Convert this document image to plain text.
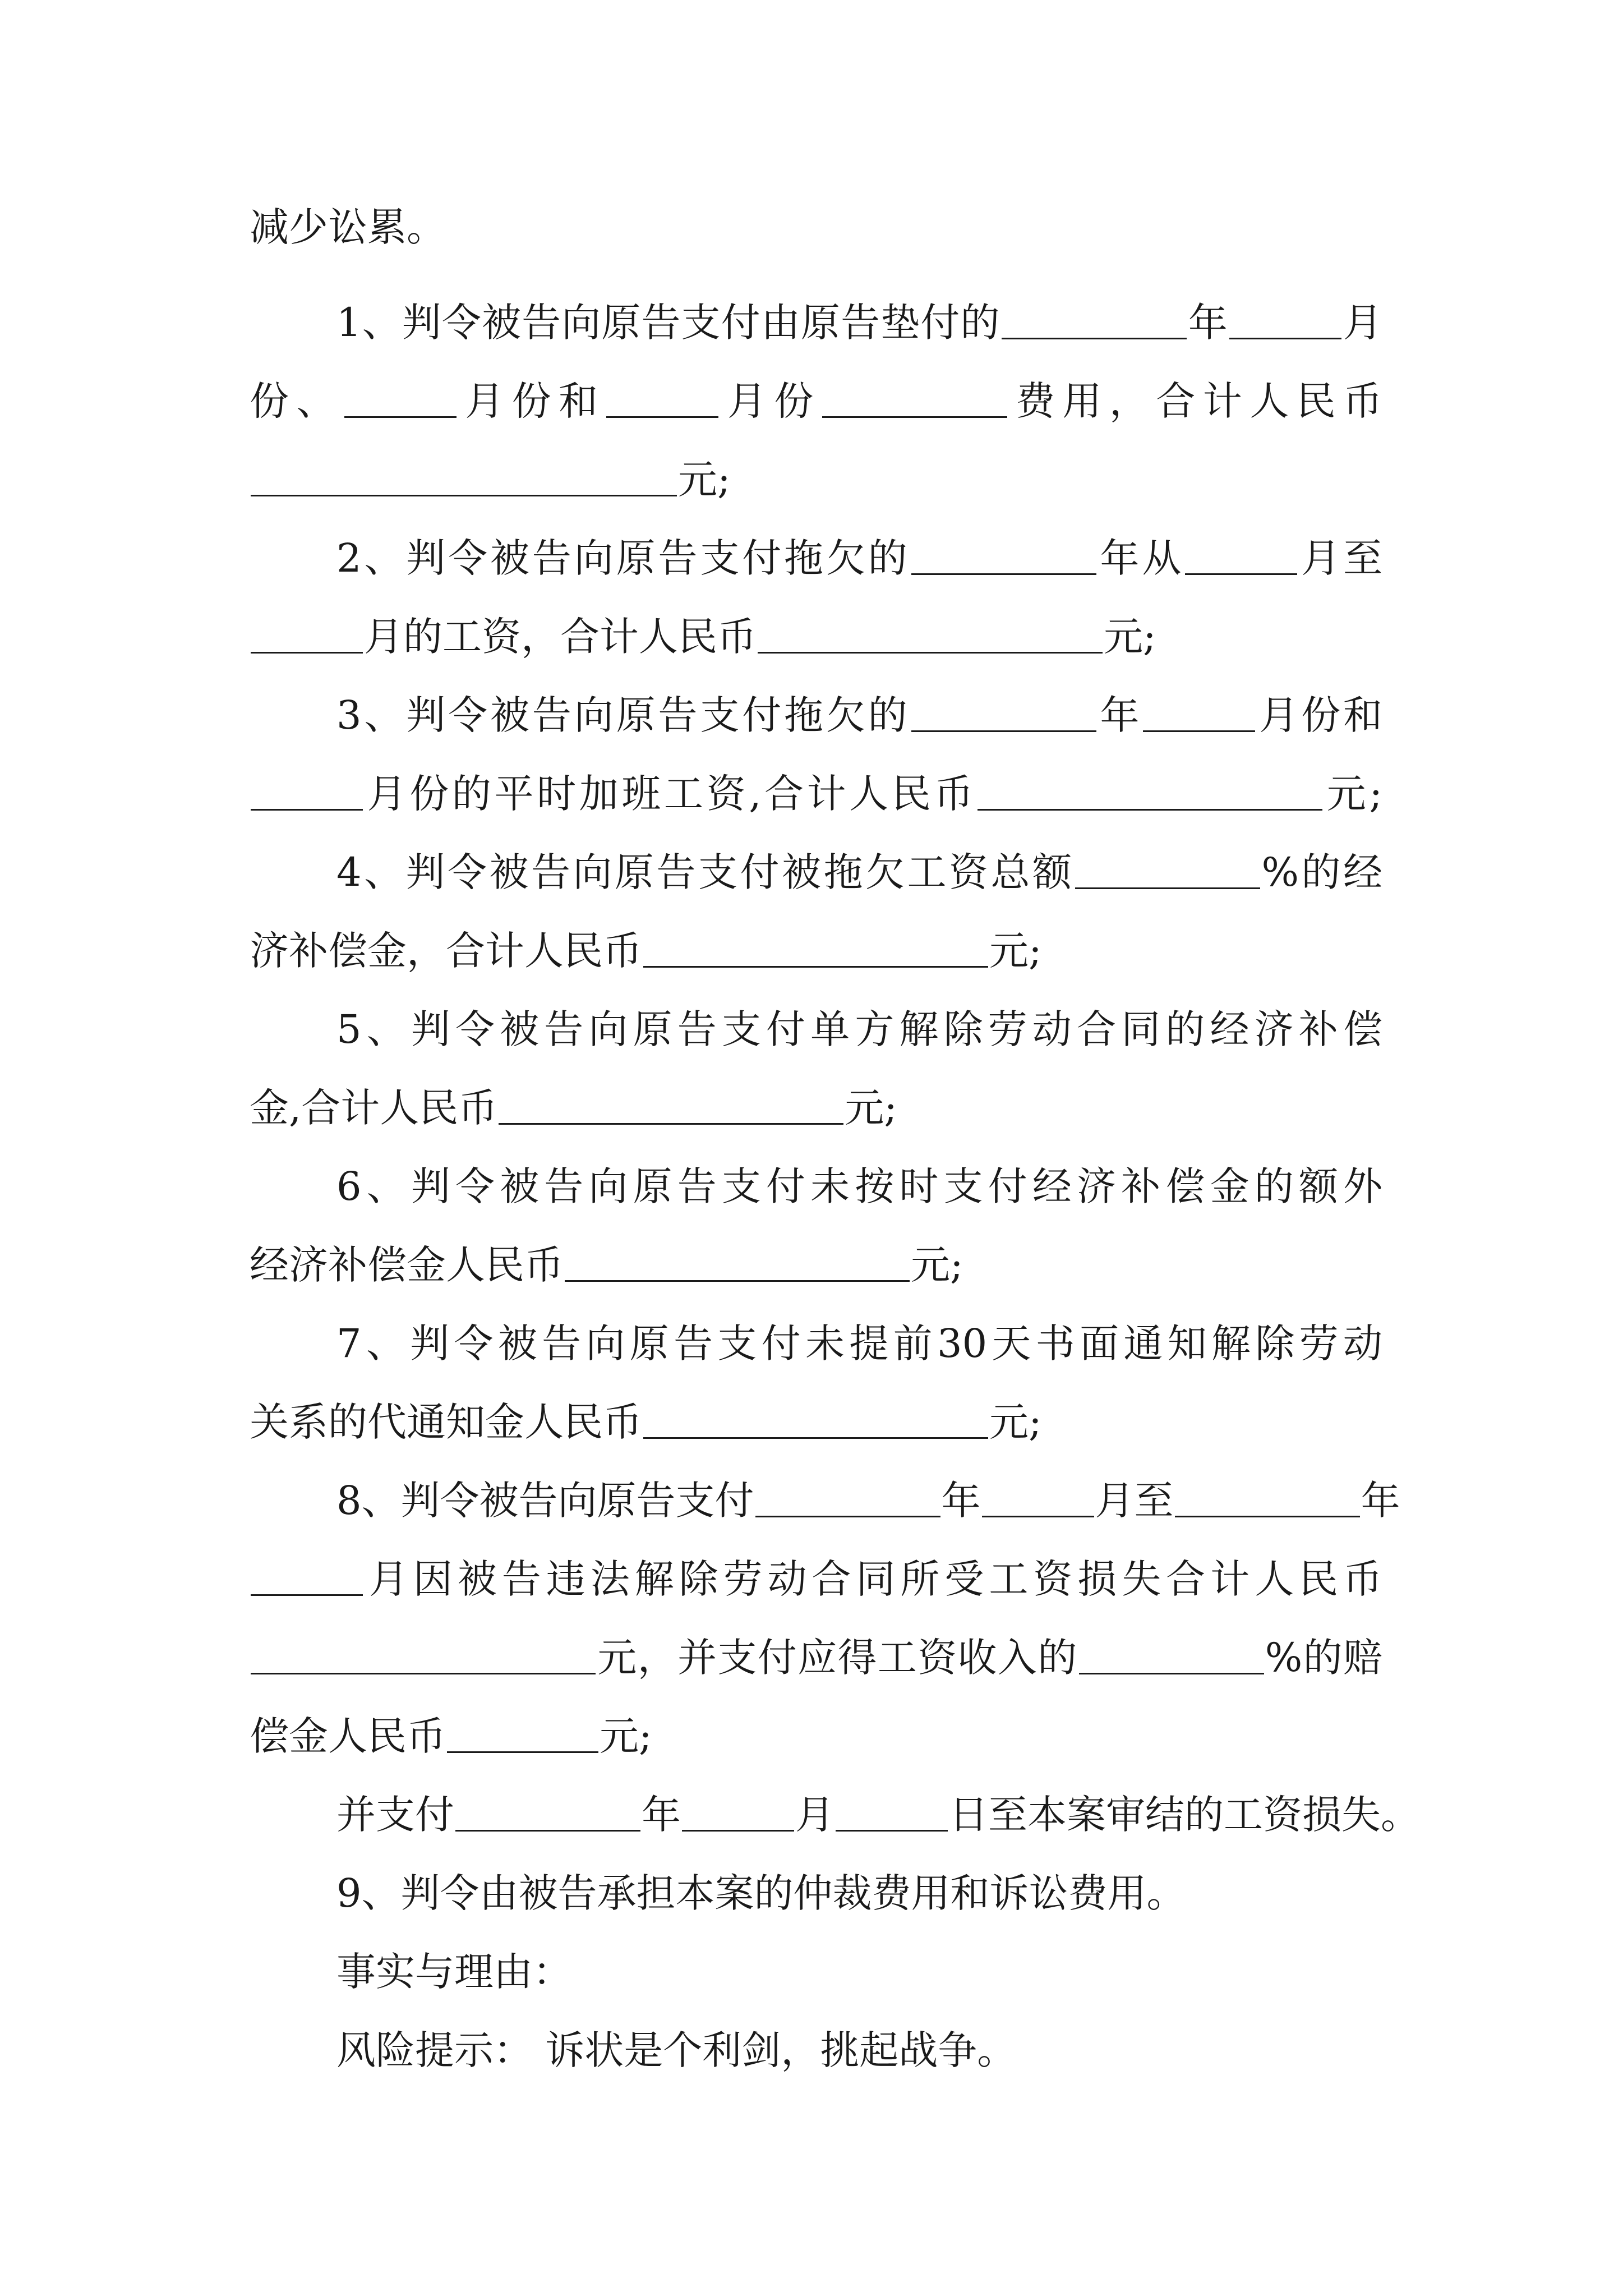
减少讼累。
1、判令被告向原告支付由原告垫付的	年	月
份、	月份和	月份	费用，合计人民币
元;
2、判令被告向原告支付拖欠的	年从	月至
月的工资，合计人民币	元;
3、判令被告向原告支付拖欠的	年	月份和
月份的平时加班工资,合计人民币	元;
4、判令被告向原告支付被拖欠工资总额	%的经
济补偿金，合计人民币	元;
5、判令被告向原告支付单方解除劳动合同的经济补偿
金,合计人民币	元;
6、判令被告向原告支付未按时支付经济补偿金的额外
经济补偿金人民币	元;
7、判令被告向原告支付未提前30天书面通知解除劳动
关系的代通知金人民币	元;
8、判令被告向原告支付	年	月至	年
月因被告违法解除劳动合同所受工资损失合计人民币
元，并支付应得工资收入的	%的赔
偿金人民币	元;
并支付	年	月	日至本案审结的工资损失。
9、判令由被告承担本案的仲裁费用和诉讼费用。
事实与理由：
风险提示： 诉状是个利剑，挑起战争。
